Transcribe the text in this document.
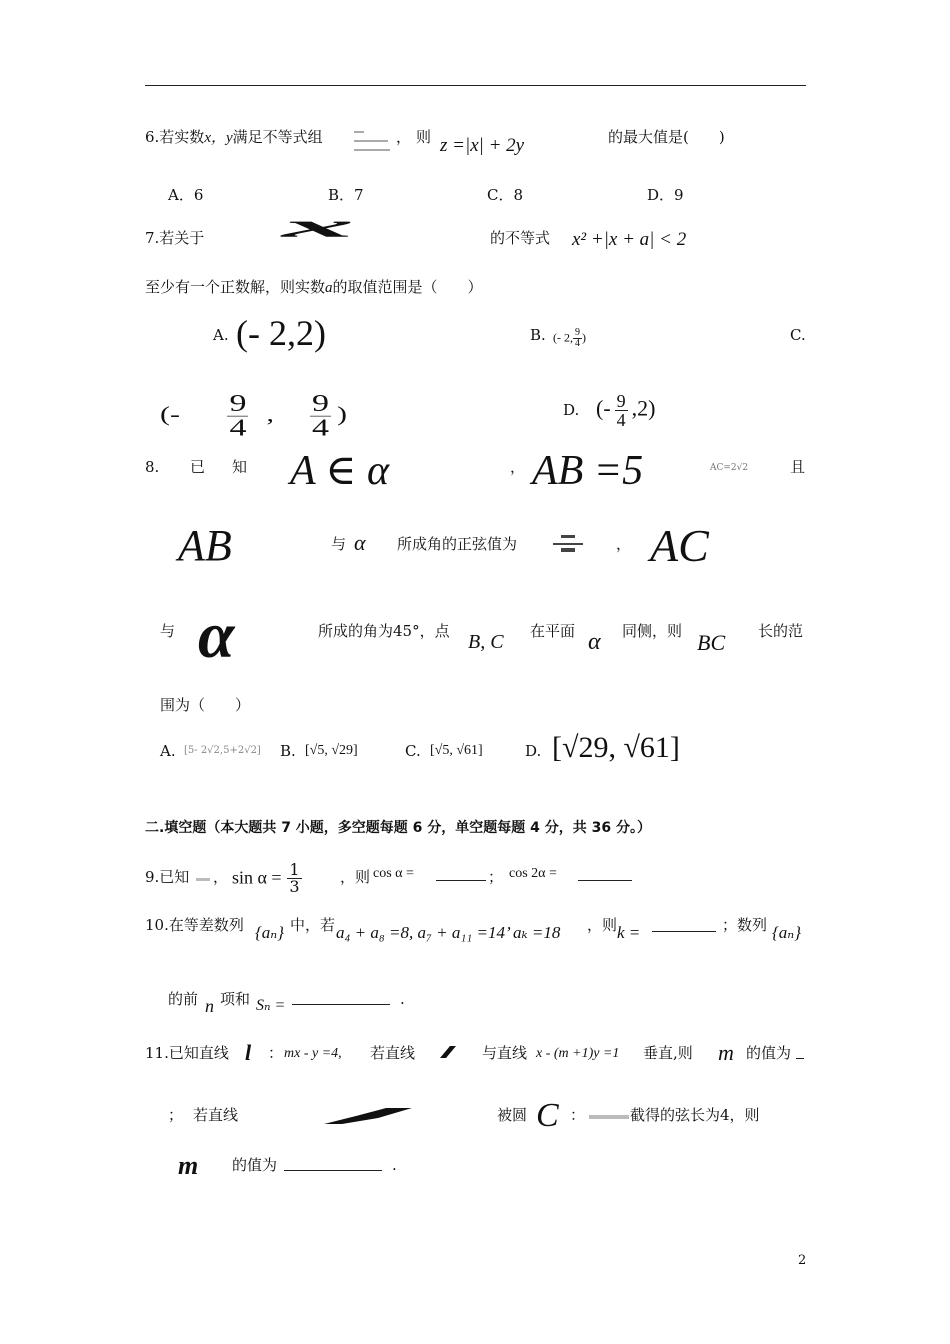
6.若实数x，y满足不等式组	， 则 z =|x| + 2y	的最大值是(　　)
A．6	B．7	C．8	D．9
7.若关于 x	的不等式 x² +|x + a| < 2
至少有一个正数解，则实数a的取值范围是（　　）
A. (- 2,2)	B. (- 2, $\frac{9}{4}$ )	C.
(- $\frac{9}{4}$ , $\frac{9}{4}$ )	D. (- $\frac{9}{4} ,2$)
8. 已 知 A ∈ α	， AB =5	AC=2√2	且
AB	与 α 所成角的正弦值为	， AC
与 α	所成的角为45°，点 B, C 在平面 α 同侧，则 BC 长的范
围为（　　）
A. [5- 2√2,5+2√2] B. [√5, √29]	C. [√5, √61]	D. [√29, √61]
二.填空题（本大题共 7 小题，多空题每题 6 分，单空题每题 4 分，共 36 分。）
9.已知 ， $\sin \alpha = \frac{1}{3}$	，则 cos α =	； cos 2α =
10.在等差数列 {aₙ} 中，若 a₄ + a₈ =8, a₇ + a₁₁ =14’ aₖ =18 ，则 k =	；数列 {aₙ}
的前 n 项和 Sₙ =	.
11.已知直线 l ： mx - y =4, 若直线	与直线 x - (m +1)y =1 垂直,则 m 的值为
； 若直线	被圆 C ：	截得的弦长为4，则
m 的值为	.
2
